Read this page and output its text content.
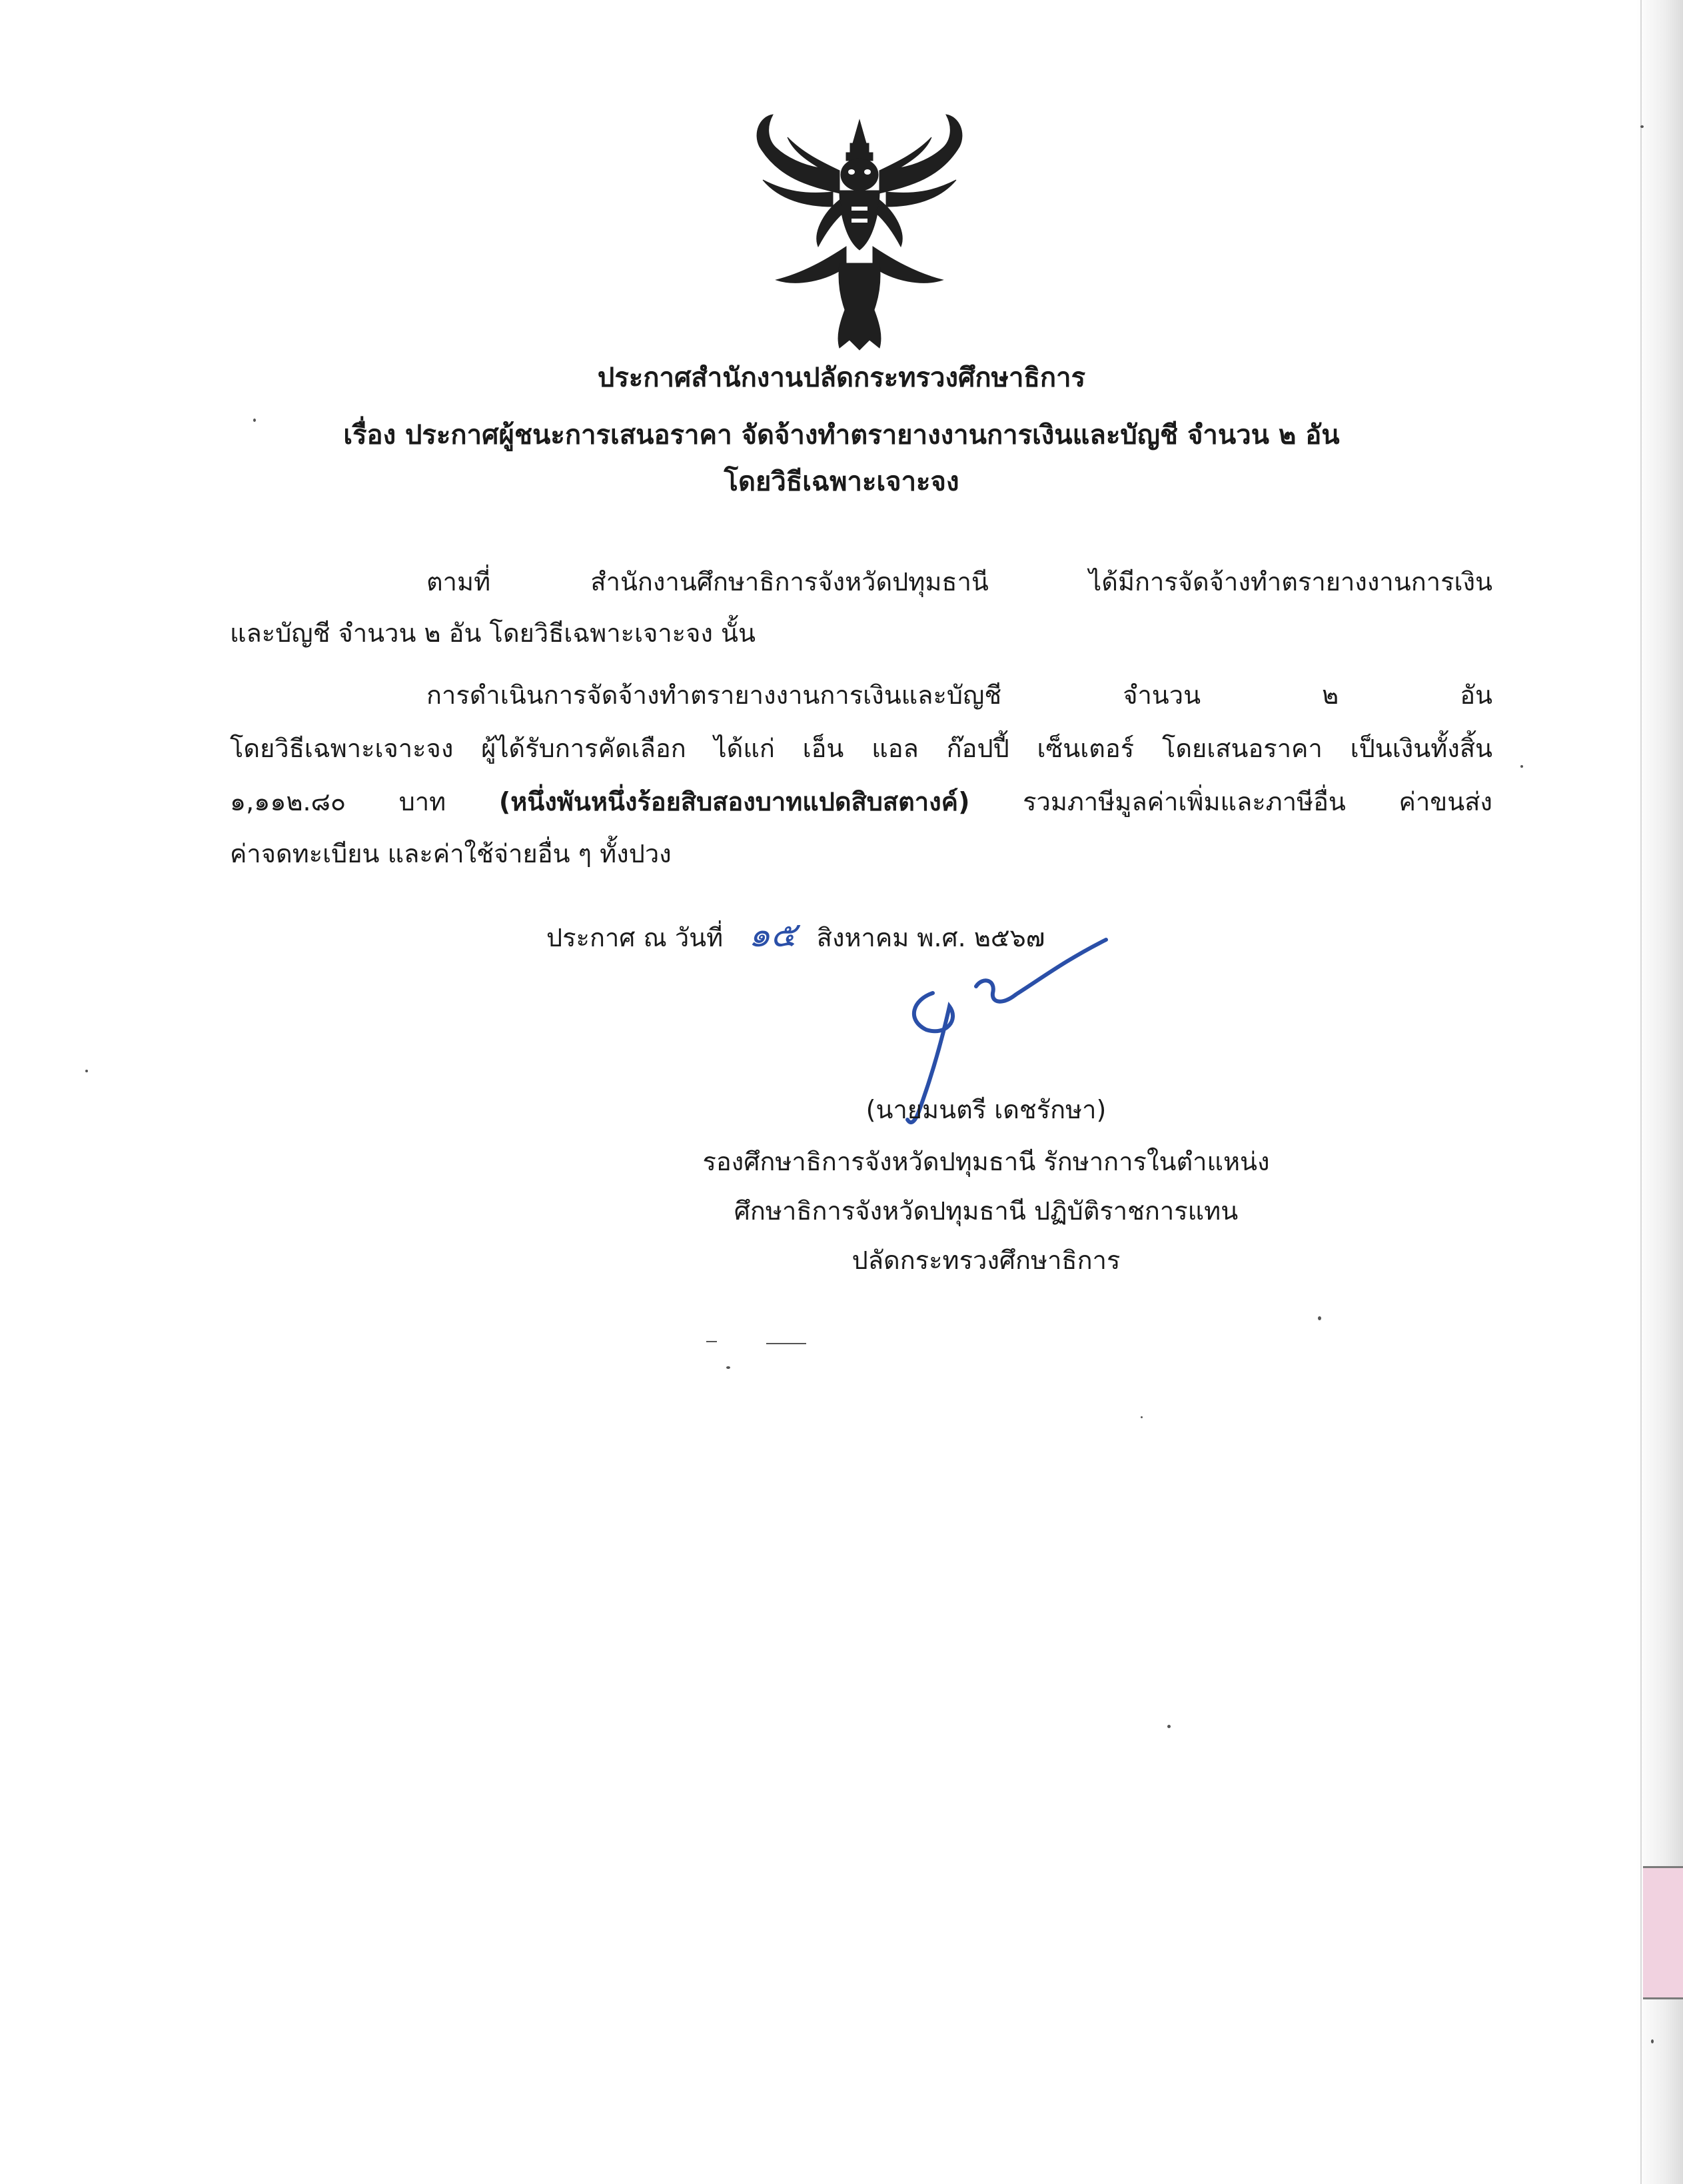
ประกาศสำนักงานปลัดกระทรวงศึกษาธิการ
เรื่อง ประกาศผู้ชนะการเสนอราคา จัดจ้างทำตรายางงานการเงินและบัญชี จำนวน ๒ อัน
โดยวิธีเฉพาะเจาะจง
ตามที่ สำนักงานศึกษาธิการจังหวัดปทุมธานี ได้มีการจัดจ้างทำตรายางงานการเงิน
และบัญชี จำนวน ๒ อัน โดยวิธีเฉพาะเจาะจง นั้น
การดำเนินการจัดจ้างทำตรายางงานการเงินและบัญชี จำนวน ๒ อัน
โดยวิธีเฉพาะเจาะจง ผู้ได้รับการคัดเลือก ได้แก่ เอ็น แอล ก๊อปปี้ เซ็นเตอร์ โดยเสนอราคา เป็นเงินทั้งสิ้น
๑,๑๑๒.๘๐ บาท (หนึ่งพันหนึ่งร้อยสิบสองบาทแปดสิบสตางค์) รวมภาษีมูลค่าเพิ่มและภาษีอื่น ค่าขนส่ง
ค่าจดทะเบียน และค่าใช้จ่ายอื่น ๆ ทั้งปวง
ประกาศ ณ วันที่ ๑๕ สิงหาคม พ.ศ. ๒๕๖๗
(นายมนตรี เดชรักษา)
รองศึกษาธิการจังหวัดปทุมธานี รักษาการในตำแหน่ง
ศึกษาธิการจังหวัดปทุมธานี ปฏิบัติราชการแทน
ปลัดกระทรวงศึกษาธิการ
